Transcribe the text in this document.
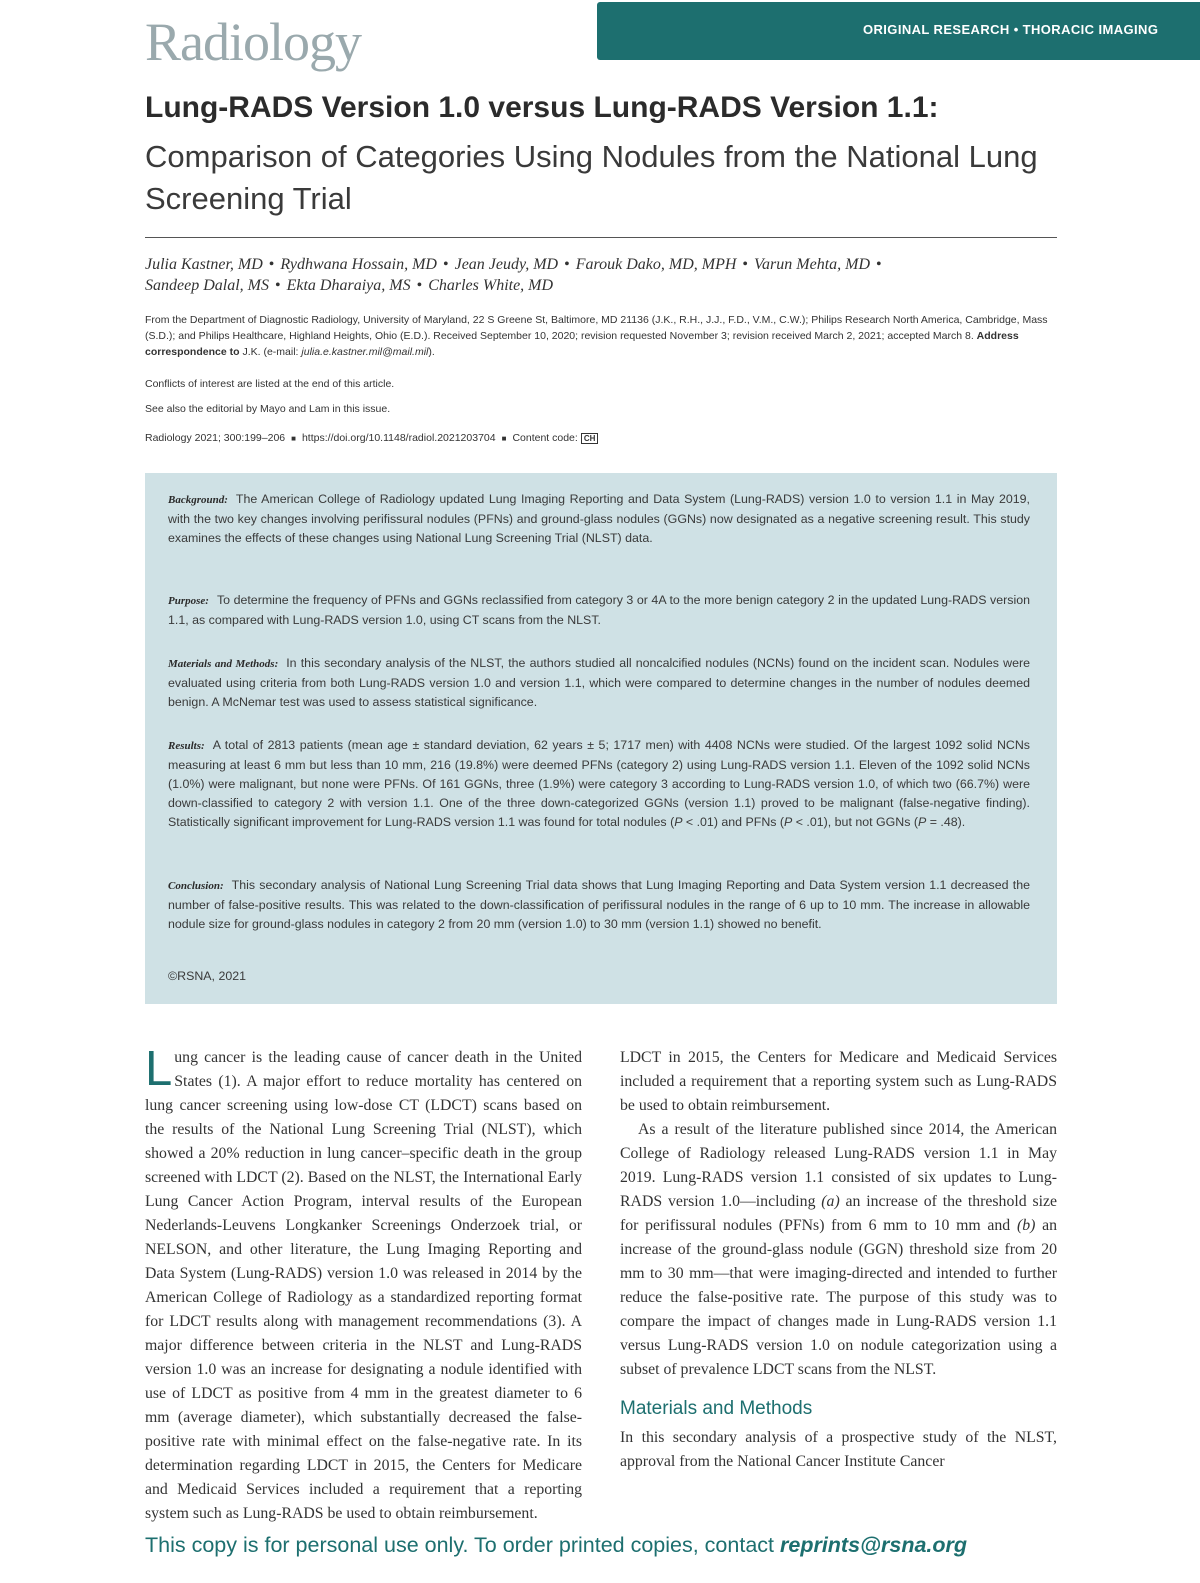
Radiology	ORIGINAL RESEARCH • THORACIC IMAGING
Lung-RADS Version 1.0 versus Lung-RADS Version 1.1:
Comparison of Categories Using Nodules from the National Lung Screening Trial
Julia Kastner, MD • Rydhwana Hossain, MD • Jean Jeudy, MD • Farouk Dako, MD, MPH • Varun Mehta, MD •
Sandeep Dalal, MS • Ekta Dharaiya, MS • Charles White, MD
From the Department of Diagnostic Radiology, University of Maryland, 22 S Greene St, Baltimore, MD 21136 (J.K., R.H., J.J., F.D., V.M., C.W.); Philips Research North America, Cambridge, Mass (S.D.); and Philips Healthcare, Highland Heights, Ohio (E.D.). Received September 10, 2020; revision requested November 3; revision received March 2, 2021; accepted March 8. Address correspondence to J.K. (e-mail: julia.e.kastner.mil@mail.mil).
Conflicts of interest are listed at the end of this article.
See also the editorial by Mayo and Lam in this issue.
Radiology 2021; 300:199–206 ■ https://doi.org/10.1148/radiol.2021203704 ■ Content code: CH
Background: The American College of Radiology updated Lung Imaging Reporting and Data System (Lung-RADS) version 1.0 to version 1.1 in May 2019, with the two key changes involving perifissural nodules (PFNs) and ground-glass nodules (GGNs) now designated as a negative screening result. This study examines the effects of these changes using National Lung Screening Trial (NLST) data.
Purpose: To determine the frequency of PFNs and GGNs reclassified from category 3 or 4A to the more benign category 2 in the updated Lung-RADS version 1.1, as compared with Lung-RADS version 1.0, using CT scans from the NLST.
Materials and Methods: In this secondary analysis of the NLST, the authors studied all noncalcified nodules (NCNs) found on the incident scan. Nodules were evaluated using criteria from both Lung-RADS version 1.0 and version 1.1, which were compared to determine changes in the number of nodules deemed benign. A McNemar test was used to assess statistical significance.
Results: A total of 2813 patients (mean age ± standard deviation, 62 years ± 5; 1717 men) with 4408 NCNs were studied. Of the largest 1092 solid NCNs measuring at least 6 mm but less than 10 mm, 216 (19.8%) were deemed PFNs (category 2) using Lung-RADS version 1.1. Eleven of the 1092 solid NCNs (1.0%) were malignant, but none were PFNs. Of 161 GGNs, three (1.9%) were category 3 according to Lung-RADS version 1.0, of which two (66.7%) were down-classified to category 2 with version 1.1. One of the three down-categorized GGNs (version 1.1) proved to be malignant (false-negative finding). Statistically significant improvement for Lung-RADS version 1.1 was found for total nodules (P < .01) and PFNs (P < .01), but not GGNs (P = .48).
Conclusion: This secondary analysis of National Lung Screening Trial data shows that Lung Imaging Reporting and Data System version 1.1 decreased the number of false-positive results. This was related to the down-classification of perifissural nodules in the range of 6 up to 10 mm. The increase in allowable nodule size for ground-glass nodules in category 2 from 20 mm (version 1.0) to 30 mm (version 1.1) showed no benefit.
©RSNA, 2021

Lung cancer is the leading cause of cancer death in the United States (1). A major effort to reduce mortality has centered on lung cancer screening using low-dose CT (LDCT) scans based on the results of the National Lung Screening Trial (NLST), which showed a 20% reduction in lung cancer–specific death in the group screened with LDCT (2). Based on the NLST, the International Early Lung Cancer Action Program, interval results of the European Nederlands-Leuvens Longkanker Screenings Onderzoek trial, or NELSON, and other literature, the Lung Imaging Reporting and Data System (Lung-RADS) version 1.0 was released in 2014 by the American College of Radiology as a standardized reporting format for LDCT results along with management recommendations (3). A major difference between criteria in the NLST and Lung-RADS version 1.0 was an increase for designating a nodule identified with use of LDCT as positive from 4 mm in the greatest diameter to 6 mm (average diameter), which substantially decreased the false-positive rate with minimal effect on the false-negative rate. In its determination regarding LDCT in 2015, the Centers for Medicare and Medicaid Services included a requirement that a reporting system such as Lung-RADS be used to obtain reimbursement.

LDCT in 2015, the Centers for Medicare and Medicaid Services included a requirement that a reporting system such as Lung-RADS be used to obtain reimbursement.

As a result of the literature published since 2014, the American College of Radiology released Lung-RADS version 1.1 in May 2019. Lung-RADS version 1.1 consisted of six updates to Lung-RADS version 1.0—including (a) an increase of the threshold size for perifissural nodules (PFNs) from 6 mm to 10 mm and (b) an increase of the ground-glass nodule (GGN) threshold size from 20 mm to 30 mm—that were imaging-directed and intended to further reduce the false-positive rate. The purpose of this study was to compare the impact of changes made in Lung-RADS version 1.1 versus Lung-RADS version 1.0 on nodule categorization using a subset of prevalence LDCT scans from the NLST.

Materials and Methods

In this secondary analysis of a prospective study of the NLST, approval from the National Cancer Institute Cancer

This copy is for personal use only. To order printed copies, contact reprints@rsna.org
